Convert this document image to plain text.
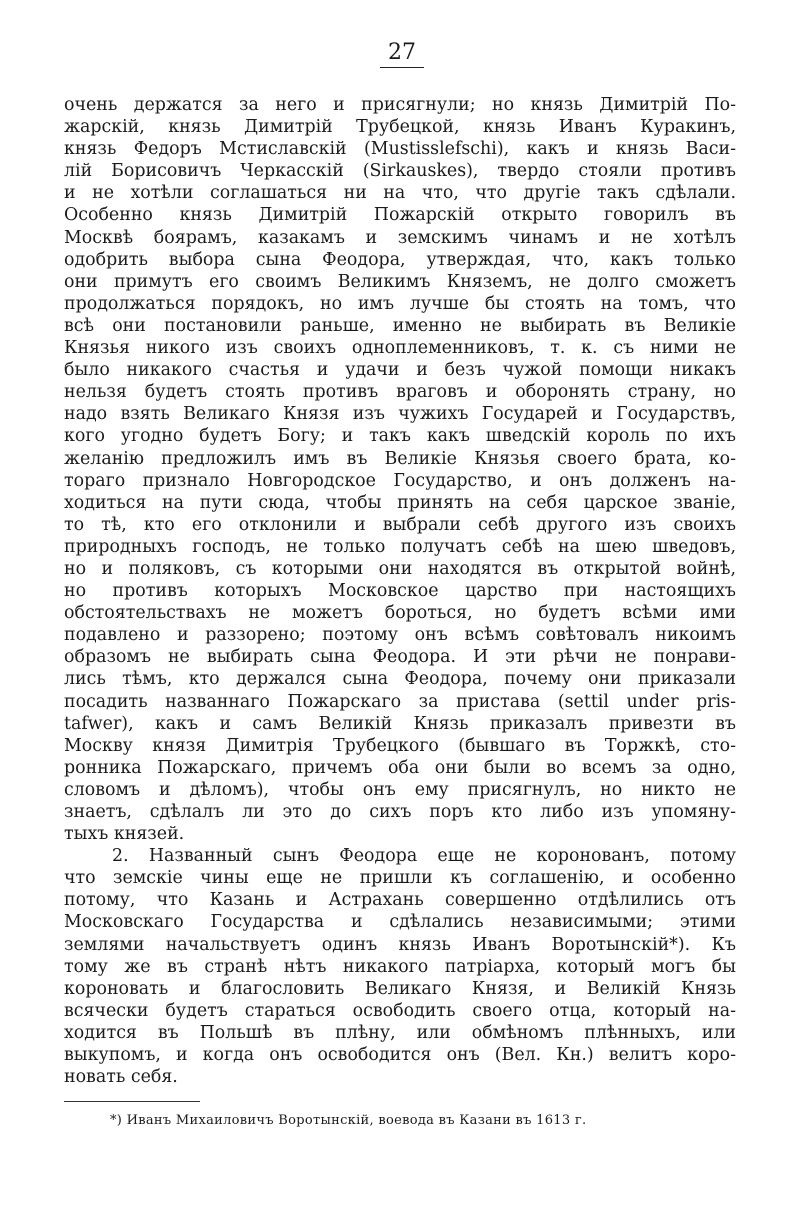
27
очень держатся за него и присягнули; но князь Димитрій По-
жарскій, князь Димитрій Трубецкой, князь Иванъ Куракинъ,
князь Федоръ Мстиславскій (Mustisslefschi), какъ и князь Васи-
лій Борисовичъ Черкасскій (Sirkauskes), твердо стояли противъ
и не хотѣли соглашаться ни на что, что другіе такъ сдѣлали.
Особенно князь Димитрій Пожарскій открыто говорилъ въ
Москвѣ боярамъ, казакамъ и земскимъ чинамъ и не хотѣлъ
одобрить выбора сына Феодора, утверждая, что, какъ только
они примутъ его своимъ Великимъ Княземъ, не долго сможетъ
продолжаться порядокъ, но имъ лучше бы стоять на томъ, что
всѣ они постановили раньше, именно не выбирать въ Великіе
Князья никого изъ своихъ одноплеменниковъ, т. к. съ ними не
было никакого счастья и удачи и безъ чужой помощи никакъ
нельзя будетъ стоять противъ враговъ и оборонять страну, но
надо взять Великаго Князя изъ чужихъ Государей и Государствъ,
кого угодно будетъ Богу; и такъ какъ шведскій король по ихъ
желанію предложилъ имъ въ Великіе Князья своего брата, ко-
тораго признало Новгородское Государство, и онъ долженъ на-
ходиться на пути сюда, чтобы принять на себя царское званіе,
то тѣ, кто его отклонили и выбрали себѣ другого изъ своихъ
природныхъ господъ, не только получатъ себѣ на шею шведовъ,
но и поляковъ, съ которыми они находятся въ открытой войнѣ,
но противъ которыхъ Московское царство при настоящихъ
обстоятельствахъ не можетъ бороться, но будетъ всѣми ими
подавлено и раззорено; поэтому онъ всѣмъ совѣтовалъ никоимъ
образомъ не выбирать сына Феодора. И эти рѣчи не понрави-
лись тѣмъ, кто держался сына Феодора, почему они приказали
посадить названнаго Пожарскаго за пристава (settil under pris-
tafwer), какъ и самъ Великій Князь приказалъ привезти въ
Москву князя Димитрія Трубецкого (бывшаго въ Торжкѣ, сто-
ронника Пожарскаго, причемъ оба они были во всемъ за одно,
словомъ и дѣломъ), чтобы онъ ему присягнулъ, но никто не
знаетъ, сдѣлалъ ли это до сихъ поръ кто либо изъ упомяну-
тыхъ князей.
2. Названный сынъ Феодора еще не коронованъ, потому
что земскіе чины еще не пришли къ соглашенію, и особенно
потому, что Казань и Астрахань совершенно отдѣлились отъ
Московскаго Государства и сдѣлались независимыми; этими
землями начальствуетъ одинъ князь Иванъ Воротынскій*). Къ
тому же въ странѣ нѣтъ никакого патріарха, который могъ бы
короновать и благословить Великаго Князя, и Великій Князь
всячески будетъ стараться освободить своего отца, который на-
ходится въ Польшѣ въ плѣну, или обмѣномъ плѣнныхъ, или
выкупомъ, и когда онъ освободится онъ (Вел. Кн.) велитъ коро-
новать себя.
*) Иванъ Михаиловичъ Воротынскій, воевода въ Казани въ 1613 г.
